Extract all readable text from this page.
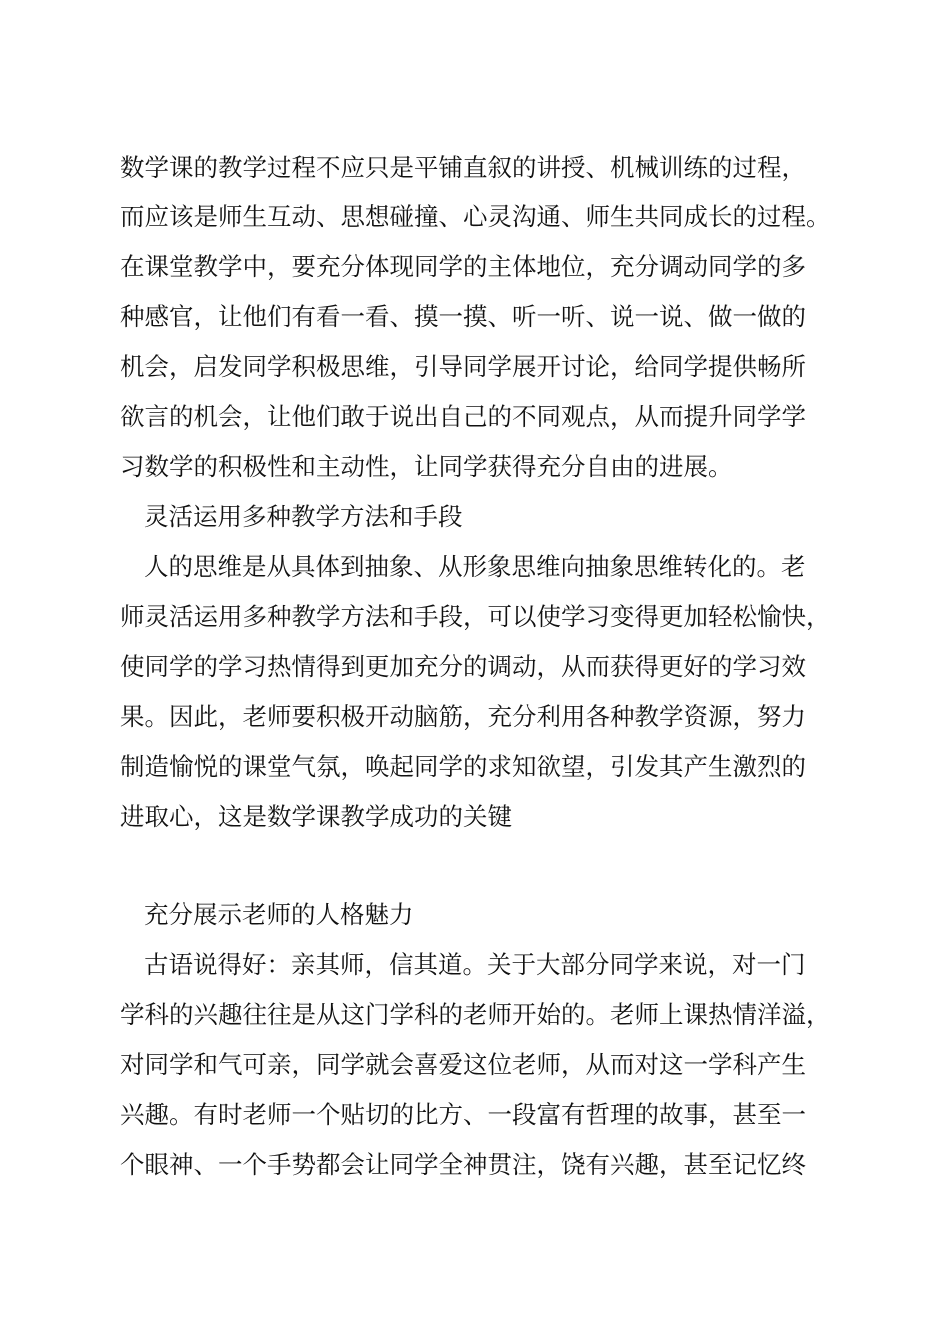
数学课的教学过程不应只是平铺直叙的讲授、机械训练的过程，
而应该是师生互动、思想碰撞、心灵沟通、师生共同成长的过程。
在课堂教学中，要充分体现同学的主体地位，充分调动同学的多
种感官，让他们有看一看、摸一摸、听一听、说一说、做一做的
机会，启发同学积极思维，引导同学展开讨论，给同学提供畅所
欲言的机会，让他们敢于说出自己的不同观点，从而提升同学学
习数学的积极性和主动性，让同学获得充分自由的进展。
灵活运用多种教学方法和手段
人的思维是从具体到抽象、从形象思维向抽象思维转化的。老
师灵活运用多种教学方法和手段，可以使学习变得更加轻松愉快，
使同学的学习热情得到更加充分的调动，从而获得更好的学习效
果。因此，老师要积极开动脑筋，充分利用各种教学资源，努力
制造愉悦的课堂气氛，唤起同学的求知欲望，引发其产生激烈的
进取心，这是数学课教学成功的关键
充分展示老师的人格魅力
古语说得好：亲其师，信其道。关于大部分同学来说，对一门
学科的兴趣往往是从这门学科的老师开始的。老师上课热情洋溢，
对同学和气可亲，同学就会喜爱这位老师，从而对这一学科产生
兴趣。有时老师一个贴切的比方、一段富有哲理的故事，甚至一
个眼神、一个手势都会让同学全神贯注，饶有兴趣，甚至记忆终
